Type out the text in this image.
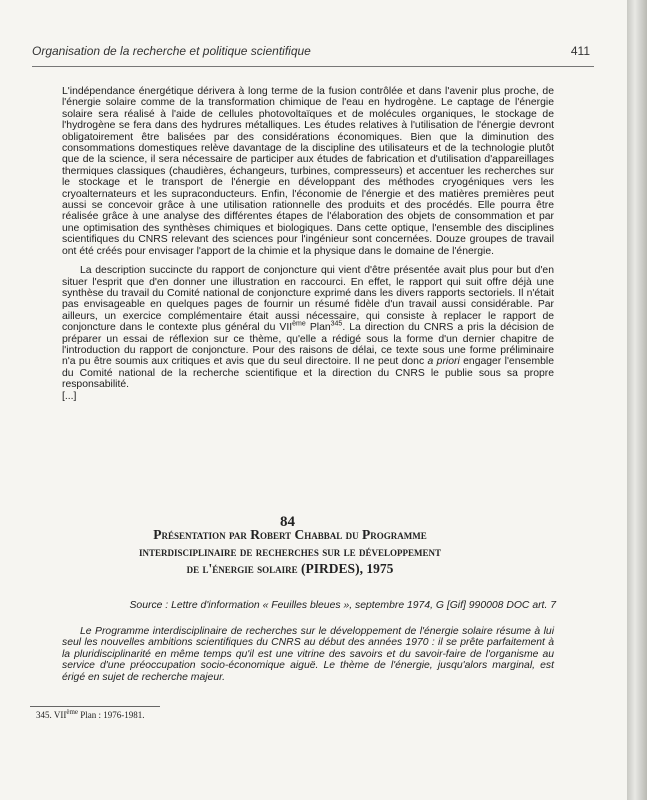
Organisation de la recherche et politique scientifique	411

L'indépendance énergétique dérivera à long terme de la fusion contrôlée et dans l'avenir plus proche, de l'énergie solaire comme de la transformation chimique de l'eau en hydrogène. Le captage de l'énergie solaire sera réalisé à l'aide de cellules photovoltaïques et de molécules organiques, le stockage de l'hydrogène se fera dans des hydrures métalliques. Les études relatives à l'utilisation de l'énergie devront obligatoirement être balisées par des considérations économiques. Bien que la diminution des consommations domestiques relève davantage de la discipline des utilisateurs et de la technologie plutôt que de la science, il sera nécessaire de participer aux études de fabrication et d'utilisation d'appareillages thermiques classiques (chaudières, échangeurs, turbines, compresseurs) et accentuer les recherches sur le stockage et le transport de l'énergie en développant des méthodes cryogéniques vers les cryoalternateurs et les supraconducteurs. Enfin, l'économie de l'énergie et des matières premières peut aussi se concevoir grâce à une utilisation rationnelle des produits et des procédés. Elle pourra être réalisée grâce à une analyse des différentes étapes de l'élaboration des objets de consommation et par une optimisation des synthèses chimiques et biologiques. Dans cette optique, l'ensemble des disciplines scientifiques du CNRS relevant des sciences pour l'ingénieur sont concernées. Douze groupes de travail ont été créés pour envisager l'apport de la chimie et la physique dans le domaine de l'énergie.

La description succincte du rapport de conjoncture qui vient d'être présentée avait plus pour but d'en situer l'esprit que d'en donner une illustration en raccourci. En effet, le rapport qui suit offre déjà une synthèse du travail du Comité national de conjoncture exprimé dans les divers rapports sectoriels. Il n'était pas envisageable en quelques pages de fournir un résumé fidèle d'un travail aussi considérable. Par ailleurs, un exercice complémentaire était aussi nécessaire, qui consiste à replacer le rapport de conjoncture dans le contexte plus général du VIIème Plan$^{345}$. La direction du CNRS a pris la décision de préparer un essai de réflexion sur ce thème, qu'elle a rédigé sous la forme d'un dernier chapitre de l'introduction du rapport de conjoncture. Pour des raisons de délai, ce texte sous une forme préliminaire n'a pu être soumis aux critiques et avis que du seul directoire. Il ne peut donc a priori engager l'ensemble du Comité national de la recherche scientifique et la direction du CNRS le publie sous sa propre responsabilité.

[...]

84
Présentation par Robert Chabbal du Programme
interdisciplinaire de recherches sur le développement
de l'énergie solaire (PIRDES), 1975
Source : Lettre d'information « Feuilles bleues », septembre 1974, G [Gif] 990008 DOC art. 7
Le Programme interdisciplinaire de recherches sur le développement de l'énergie solaire résume à lui seul les nouvelles ambitions scientifiques du CNRS au début des années 1970 : il se prête parfaitement à la pluridisciplinarité en même temps qu'il est une vitrine des savoirs et du savoir-faire de l'organisme au service d'une préoccupation socio-économique aiguë. Le thème de l'énergie, jusqu'alors marginal, est érigé en sujet de recherche majeur.
345. VIIème Plan : 1976-1981.
